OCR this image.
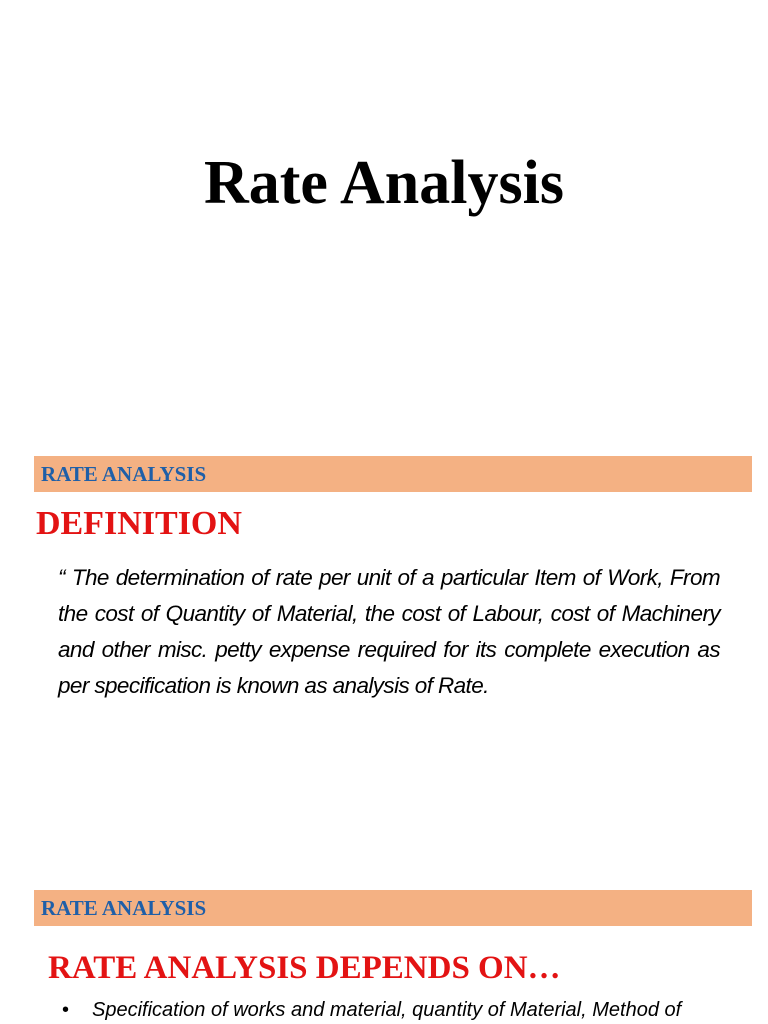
Rate Analysis
RATE ANALYSIS
DEFINITION

“ The determination of rate per unit of a particular Item of Work, From the cost of Quantity of Material, the cost of Labour, cost of Machinery and other misc. petty expense required for its complete execution as per specification is known as analysis of Rate.

RATE ANALYSIS
RATE ANALYSIS DEPENDS ON…
• Specification of works and material, quantity of Material, Method of
